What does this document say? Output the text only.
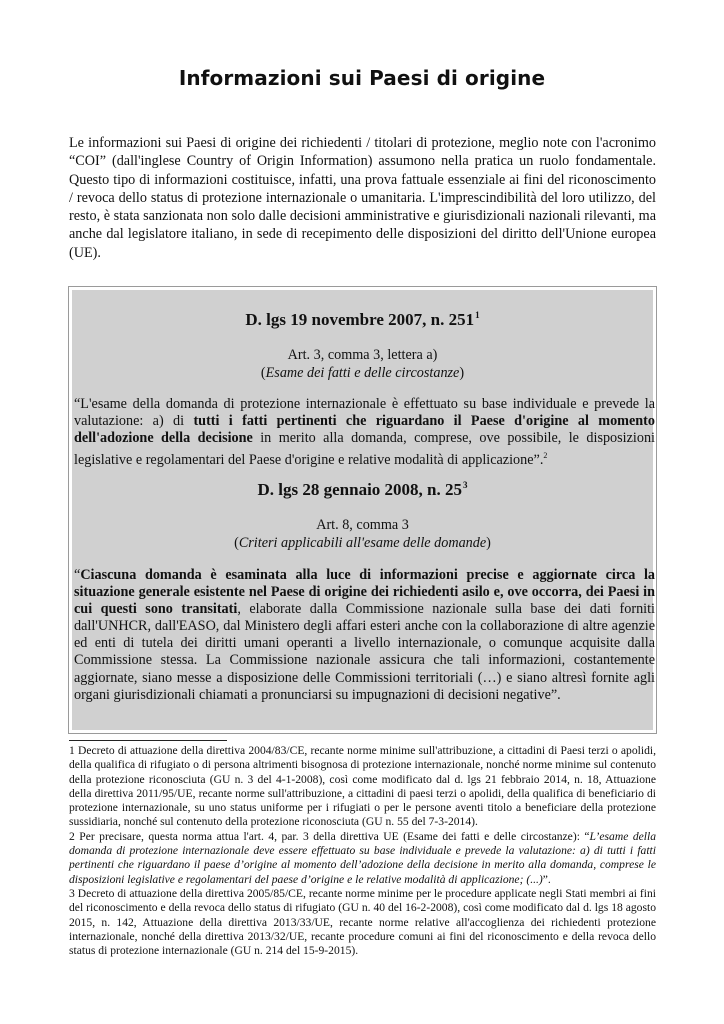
Informazioni sui Paesi di origine

Le informazioni sui Paesi di origine dei richiedenti / titolari di protezione, meglio note con l'acronimo “COI” (dall'inglese Country of Origin Information) assumono nella pratica un ruolo fondamentale. Questo tipo di informazioni costituisce, infatti, una prova fattuale essenziale ai fini del riconoscimento / revoca dello status di protezione internazionale o umanitaria. L'imprescindibilità del loro utilizzo, del resto, è stata sanzionata non solo dalle decisioni amministrative e giurisdizionali nazionali rilevanti, ma anche dal legislatore italiano, in sede di recepimento delle disposizioni del diritto dell'Unione europea (UE).

D. lgs 19 novembre 2007, n. $251^1$

Art. 3, comma 3, lettera a)
(Esame dei fatti e delle circostanze)

“L'esame della domanda di protezione internazionale è effettuato su base individuale e prevede la valutazione: a) di tutti i fatti pertinenti che riguardano il Paese d'origine al momento dell'adozione della decisione in merito alla domanda, comprese, ove possibile, le disposizioni legislative e regolamentari del Paese d'origine e relative modalità di applicazione”.$^2$

D. lgs 28 gennaio 2008, n. $25^3$

Art. 8, comma 3
(Criteri applicabili all'esame delle domande)

“Ciascuna domanda è esaminata alla luce di informazioni precise e aggiornate circa la situazione generale esistente nel Paese di origine dei richiedenti asilo e, ove occorra, dei Paesi in cui questi sono transitati, elaborate dalla Commissione nazionale sulla base dei dati forniti dall'UNHCR, dall'EASO, dal Ministero degli affari esteri anche con la collaborazione di altre agenzie ed enti di tutela dei diritti umani operanti a livello internazionale, o comunque acquisite dalla Commissione stessa. La Commissione nazionale assicura che tali informazioni, costantemente aggiornate, siano messe a disposizione delle Commissioni territoriali (…) e siano altresì fornite agli organi giurisdizionali chiamati a pronunciarsi su impugnazioni di decisioni negative”.

1 Decreto di attuazione della direttiva 2004/83/CE, recante norme minime sull'attribuzione, a cittadini di Paesi terzi o apolidi, della qualifica di rifugiato o di persona altrimenti bisognosa di protezione internazionale, nonché norme minime sul contenuto della protezione riconosciuta (GU n. 3 del 4-1-2008), così come modificato dal d. lgs 21 febbraio 2014, n. 18, Attuazione della direttiva 2011/95/UE, recante norme sull'attribuzione, a cittadini di paesi terzi o apolidi, della qualifica di beneficiario di protezione internazionale, su uno status uniforme per i rifugiati o per le persone aventi titolo a beneficiare della protezione sussidiaria, nonché sul contenuto della protezione riconosciuta (GU n. 55 del 7-3-2014).

2 Per precisare, questa norma attua l'art. 4, par. 3 della direttiva UE (Esame dei fatti e delle circostanze): “L’esame della domanda di protezione internazionale deve essere effettuato su base individuale e prevede la valutazione: a) di tutti i fatti pertinenti che riguardano il paese d’origine al momento dell’adozione della decisione in merito alla domanda, comprese le disposizioni legislative e regolamentari del paese d’origine e le relative modalità di applicazione; (...)”.

3 Decreto di attuazione della direttiva 2005/85/CE, recante norme minime per le procedure applicate negli Stati membri ai fini del riconoscimento e della revoca dello status di rifugiato (GU n. 40 del 16-2-2008), così come modificato dal d. lgs 18 agosto 2015, n. 142, Attuazione della direttiva 2013/33/UE, recante norme relative all'accoglienza dei richiedenti protezione internazionale, nonché della direttiva 2013/32/UE, recante procedure comuni ai fini del riconoscimento e della revoca dello status di protezione internazionale (GU n. 214 del 15-9-2015).
